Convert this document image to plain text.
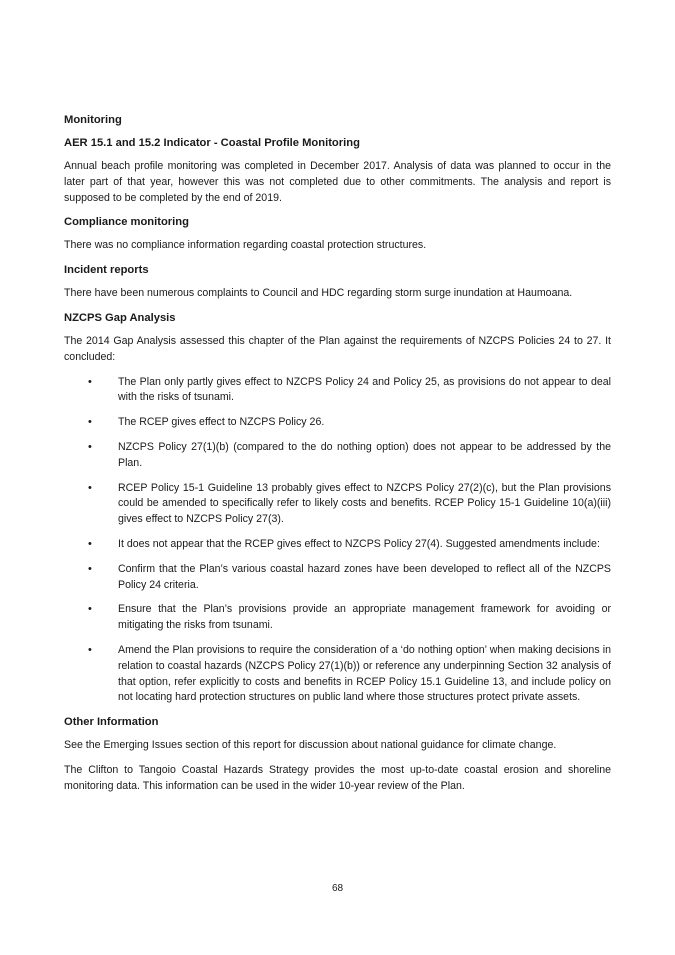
Monitoring
AER 15.1 and 15.2 Indicator - Coastal Profile Monitoring

Annual beach profile monitoring was completed in December 2017. Analysis of data was planned to occur in the later part of that year, however this was not completed due to other commitments. The analysis and report is supposed to be completed by the end of 2019.

Compliance monitoring

There was no compliance information regarding coastal protection structures.

Incident reports

There have been numerous complaints to Council and HDC regarding storm surge inundation at Haumoana.

NZCPS Gap Analysis

The 2014 Gap Analysis assessed this chapter of the Plan against the requirements of NZCPS Policies 24 to 27. It concluded:

• The Plan only partly gives effect to NZCPS Policy 24 and Policy 25, as provisions do not appear to deal with the risks of tsunami.
• The RCEP gives effect to NZCPS Policy 26.
• NZCPS Policy 27(1)(b) (compared to the do nothing option) does not appear to be addressed by the Plan.
• RCEP Policy 15-1 Guideline 13 probably gives effect to NZCPS Policy 27(2)(c), but the Plan provisions could be amended to specifically refer to likely costs and benefits. RCEP Policy 15-1 Guideline 10(a)(iii) gives effect to NZCPS Policy 27(3).
• It does not appear that the RCEP gives effect to NZCPS Policy 27(4). Suggested amendments include:
• Confirm that the Plan’s various coastal hazard zones have been developed to reflect all of the NZCPS Policy 24 criteria.
• Ensure that the Plan’s provisions provide an appropriate management framework for avoiding or mitigating the risks from tsunami.
• Amend the Plan provisions to require the consideration of a ‘do nothing option’ when making decisions in relation to coastal hazards (NZCPS Policy 27(1)(b)) or reference any underpinning Section 32 analysis of that option, refer explicitly to costs and benefits in RCEP Policy 15.1 Guideline 13, and include policy on not locating hard protection structures on public land where those structures protect private assets.
Other Information

See the Emerging Issues section of this report for discussion about national guidance for climate change.

The Clifton to Tangoio Coastal Hazards Strategy provides the most up-to-date coastal erosion and shoreline monitoring data. This information can be used in the wider 10-year review of the Plan.

68
